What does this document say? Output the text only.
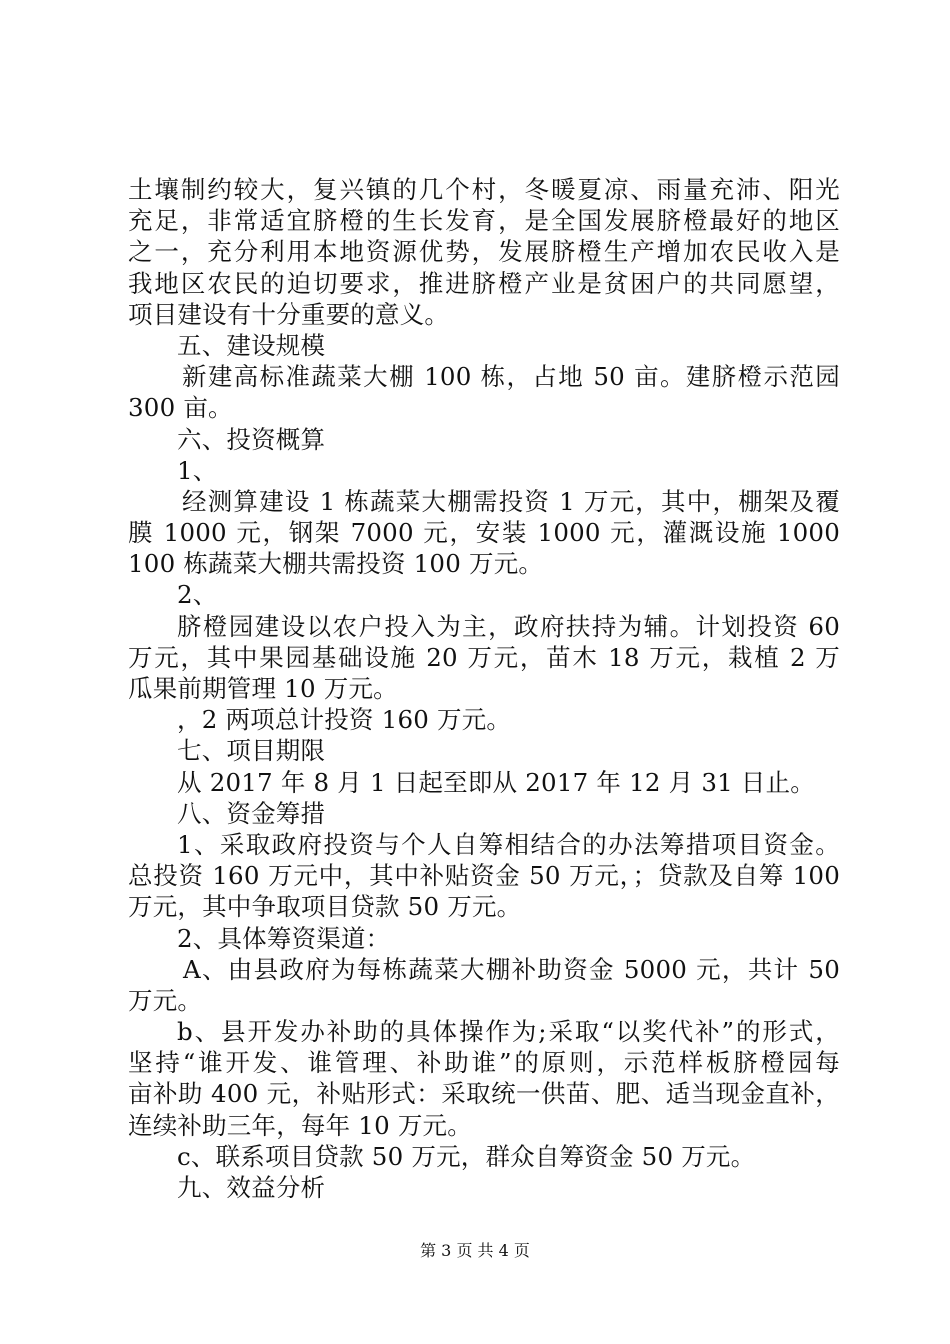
土壤制约较大，复兴镇的几个村，冬暖夏凉、雨量充沛、阳光
充足，非常适宜脐橙的生长发育，是全国发展脐橙最好的地区
之一，充分利用本地资源优势，发展脐橙生产增加农民收入是
我地区农民的迫切要求，推进脐橙产业是贫困户的共同愿望，
项目建设有十分重要的意义。
五、建设规模
新建高标准蔬菜大棚 100 栋，占地 50 亩。建脐橙示范园
300 亩。
六、投资概算
1、
经测算建设 1 栋蔬菜大棚需投资 1 万元，其中，棚架及覆
膜 1000 元，钢架 7000 元，安装 1000 元，灌溉设施 1000
100 栋蔬菜大棚共需投资 100 万元。
2、
脐橙园建设以农户投入为主，政府扶持为辅。计划投资 60
万元，其中果园基础设施 20 万元，苗木 18 万元，栽植 2 万
瓜果前期管理 10 万元。
，2 两项总计投资 160 万元。
七、项目期限
从 2017 年 8 月 1 日起至即从 2017 年 12 月 31 日止。
八、资金筹措
1、采取政府投资与个人自筹相结合的办法筹措项目资金。
总投资 160 万元中，其中补贴资金 50 万元，；贷款及自筹 100
万元，其中争取项目贷款 50 万元。
2、具体筹资渠道：
A、由县政府为每栋蔬菜大棚补助资金 5000 元，共计 50
万元。
b、县开发办补助的具体操作为;采取“以奖代补”的形式，
坚持“谁开发、谁管理、补助谁”的原则，示范样板脐橙园每
亩补助 400 元，补贴形式：采取统一供苗、肥、适当现金直补，
连续补助三年，每年 10 万元。
c、联系项目贷款 50 万元，群众自筹资金 50 万元。
九、效益分析
第 3 页 共 4 页
